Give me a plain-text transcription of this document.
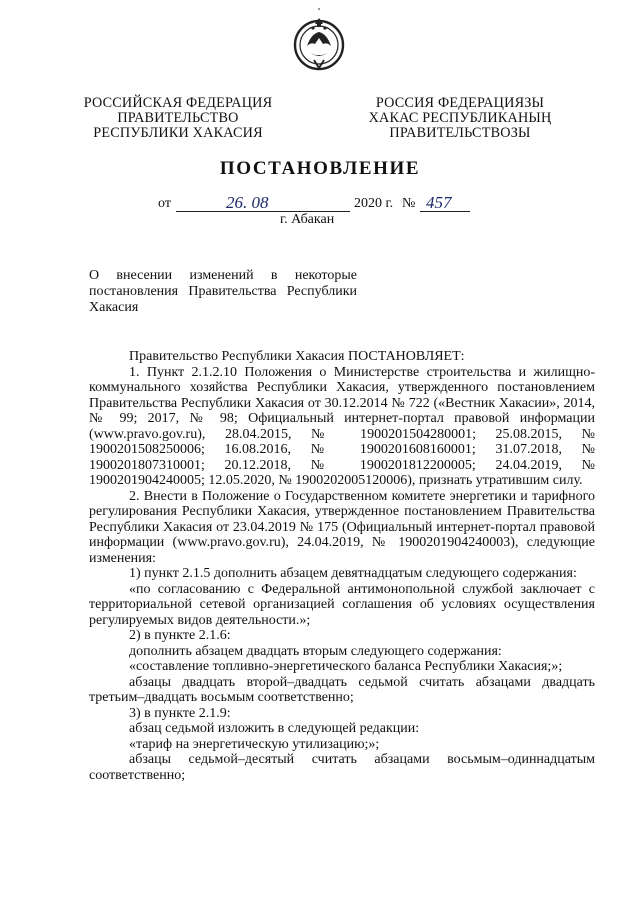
РОССИЙСКАЯ ФЕДЕРАЦИЯ
ПРАВИТЕЛЬСТВО
РЕСПУБЛИКИ ХАКАСИЯ
РОССИЯ ФЕДЕРАЦИЯЗЫ
ХАКАС РЕСПУБЛИКАНЫҢ
ПРАВИТЕЛЬСТВОЗЫ
ПОСТАНОВЛЕНИЕ
от	26. 08	2020 г. № 457
г. Абакан
О внесении изменений в некоторые постановления Правительства Республики Хакасия

Правительство Республики Хакасия ПОСТАНОВЛЯЕТ:

1. Пункт 2.1.2.10 Положения о Министерстве строительства и жилищно-коммунального хозяйства Республики Хакасия, утвержденного постановлением Правительства Республики Хакасия от 30.12.2014 № 722 («Вестник Хакасии», 2014, № 99; 2017, № 98; Официальный интернет-портал правовой информации (www.pravo.gov.ru), 28.04.2015, № 1900201504280001; 25.08.2015, № 1900201508250006; 16.08.2016, № 1900201608160001; 31.07.2018, № 1900201807310001; 20.12.2018, № 1900201812200005; 24.04.2019, № 1900201904240005; 12.05.2020, № 1900202005120006), признать утратившим силу.

2. Внести в Положение о Государственном комитете энергетики и тарифного регулирования Республики Хакасия, утвержденное постановлением Правительства Республики Хакасия от 23.04.2019 № 175 (Официальный интернет-портал правовой информации (www.pravo.gov.ru), 24.04.2019, № 1900201904240003), следующие изменения:

1) пункт 2.1.5 дополнить абзацем девятнадцатым следующего содержания:

«по согласованию с Федеральной антимонопольной службой заключает с территориальной сетевой организацией соглашения об условиях осуществления регулируемых видов деятельности.»;

2) в пункте 2.1.6:

дополнить абзацем двадцать вторым следующего содержания:

«составление топливно-энергетического баланса Республики Хакасия;»;

абзацы двадцать второй–двадцать седьмой считать абзацами двадцать третьим–двадцать восьмым соответственно;

3) в пункте 2.1.9:

абзац седьмой изложить в следующей редакции:

«тариф на энергетическую утилизацию;»;

абзацы седьмой–десятый считать абзацами восьмым–одиннадцатым соответственно;
